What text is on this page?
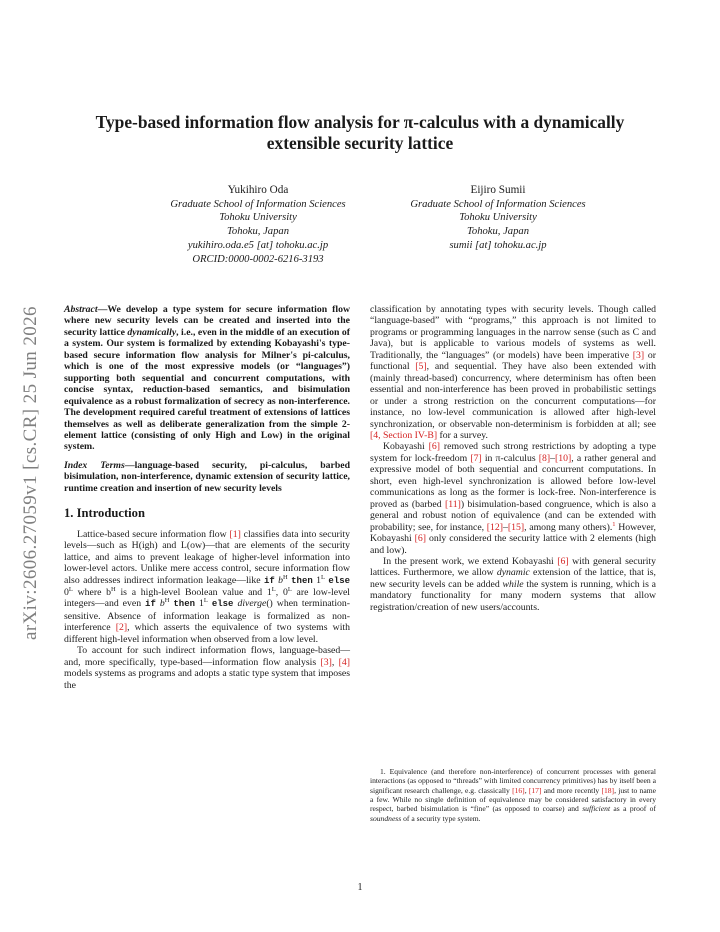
arXiv:2606.27059v1 [cs.CR] 25 Jun 2026
Type-based information flow analysis for π-calculus with a dynamically extensible security lattice
Yukihiro Oda
Graduate School of Information Sciences
Tohoku University
Tohoku, Japan
yukihiro.oda.e5 [at] tohoku.ac.jp
ORCID:0000-0002-6216-3193
Eijiro Sumii
Graduate School of Information Sciences
Tohoku University
Tohoku, Japan
sumii [at] tohoku.ac.jp

Abstract—We develop a type system for secure information flow where new security levels can be created and inserted into the security lattice dynamically, i.e., even in the middle of an execution of a system. Our system is formalized by extending Kobayashi's type-based secure information flow analysis for Milner's pi-calculus, which is one of the most expressive models (or “languages”) supporting both sequential and concurrent computations, with concise syntax, reduction-based semantics, and bisimulation equivalence as a robust formalization of secrecy as non-interference. The development required careful treatment of extensions of lattices themselves as well as deliberate generalization from the simple 2-element lattice (consisting of only High and Low) in the original system.

Index Terms—language-based security, pi-calculus, barbed bisimulation, non-interference, dynamic extension of security lattice, runtime creation and insertion of new security levels

1. Introduction

Lattice-based secure information flow [1] classifies data into security levels—such as H(igh) and L(ow)—that are elements of the security lattice, and aims to prevent leakage of higher-level information into lower-level actors. Unlike mere access control, secure information flow also addresses indirect information leakage—like if $b^H$ then $1^L$ else $0^L$ where $b^H$ is a high-level Boolean value and $1^L$, $0^L$ are low-level integers—and even if $b^H$ then $1^L$ else diverge() when termination-sensitive. Absence of information leakage is formalized as non-interference [2], which asserts the equivalence of two systems with different high-level information when observed from a low level.

To account for such indirect information flows, language-based—and, more specifically, type-based—information flow analysis [3], [4] models systems as programs and adopts a static type system that imposes the

classification by annotating types with security levels. Though called “language-based” with “programs,” this approach is not limited to programs or programming languages in the narrow sense (such as C and Java), but is applicable to various models of systems as well. Traditionally, the “languages” (or models) have been imperative [3] or functional [5], and sequential. They have also been extended with (mainly thread-based) concurrency, where determinism has often been essential and non-interference has been proved in probabilistic settings or under a strong restriction on the concurrent computations—for instance, no low-level communication is allowed after high-level synchronization, or observable non-determinism is forbidden at all; see [4, Section IV-B] for a survey.

Kobayashi [6] removed such strong restrictions by adopting a type system for lock-freedom [7] in π-calculus [8]–[10], a rather general and expressive model of both sequential and concurrent computations. In short, even high-level synchronization is allowed before low-level communications as long as the former is lock-free. Non-interference is proved as (barbed [11]) bisimulation-based congruence, which is also a general and robust notion of equivalence (and can be extended with probability; see, for instance, [12]–[15], among many others).$^1$ However, Kobayashi [6] only considered the security lattice with 2 elements (high and low).

In the present work, we extend Kobayashi [6] with general security lattices. Furthermore, we allow dynamic extension of the lattice, that is, new security levels can be added while the system is running, which is a mandatory functionality for many modern systems that allow registration/creation of new users/accounts.

1. Equivalence (and therefore non-interference) of concurrent processes with general interactions (as opposed to “threads” with limited concurrency primitives) has by itself been a significant research challenge, e.g. classically [16], [17] and more recently [18], just to name a few. While no single definition of equivalence may be considered satisfactory in every respect, barbed bisimulation is “fine” (as opposed to coarse) and sufficient as a proof of soundness of a security type system.

1
